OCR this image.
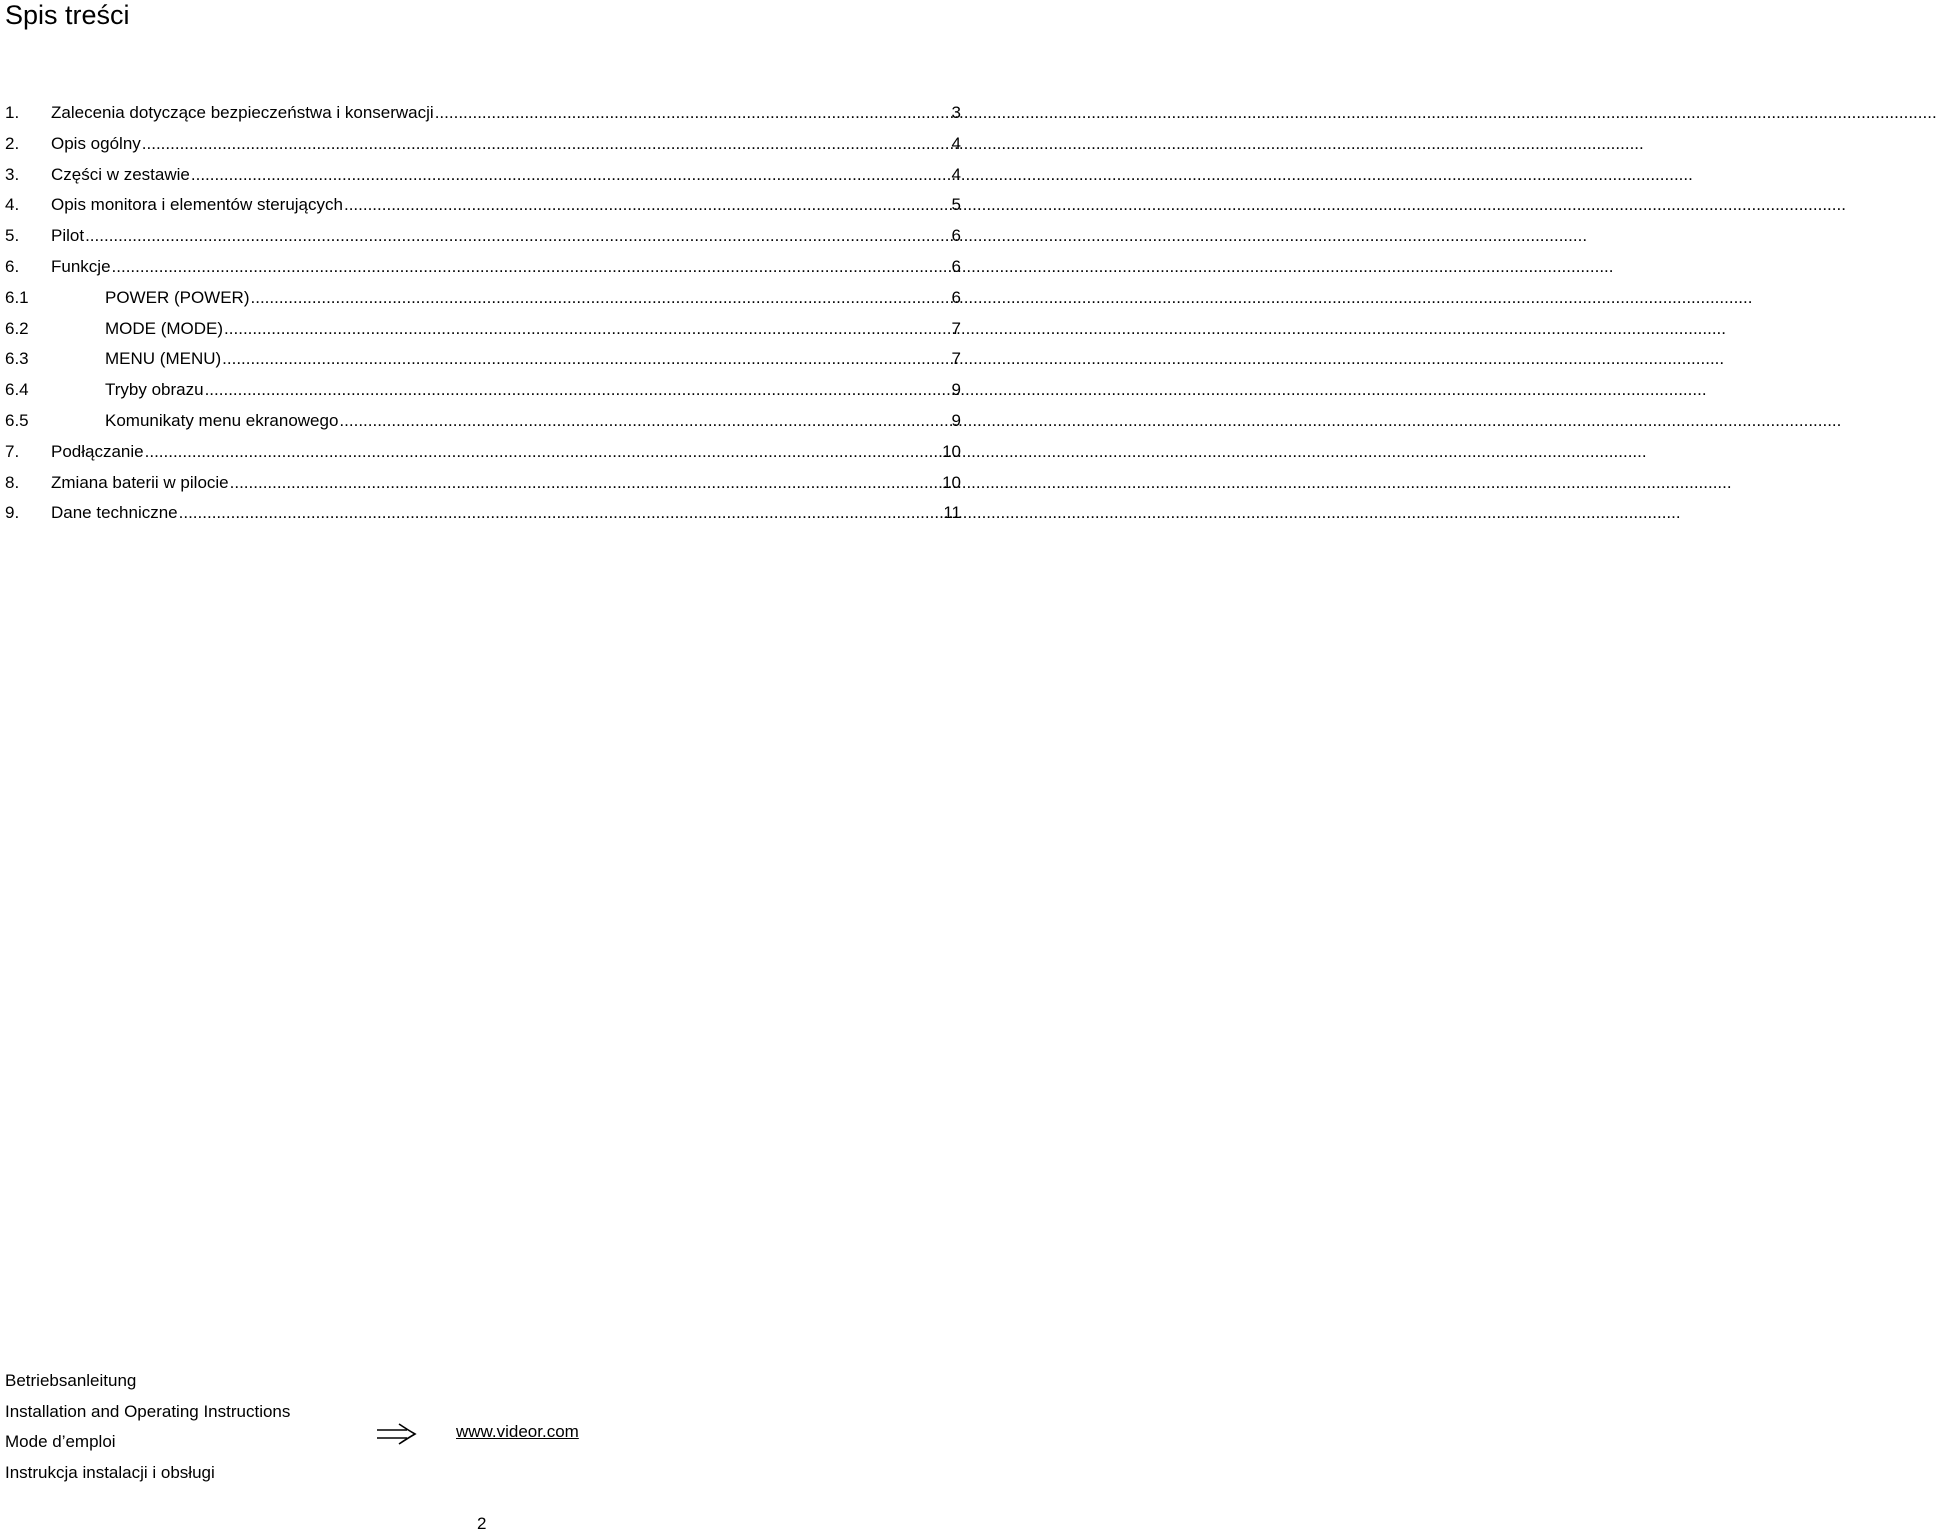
Spis treści
1.	Zalecenia dotyczące bezpieczeństwa i konserwacji .....	3
2.	Opis ogólny .....	4
3.	Części w zestawie .....	4
4.	Opis monitora i elementów sterujących .....	5
5.	Pilot .....	6
6.	Funkcje .....	6
6.1	POWER (POWER) .....	6
6.2	MODE (MODE) .....	7
6.3	MENU (MENU) .....	7
6.4	Tryby obrazu .....	9
6.5	Komunikaty menu ekranowego .....	9
7.	Podłączanie .....	10
8.	Zmiana baterii w pilocie .....	10
9.	Dane techniczne .....	11
Betriebsanleitung
Installation and Operating Instructions
Mode d’emploi
Instrukcja instalacji i obsługi
www.videor.com
2
